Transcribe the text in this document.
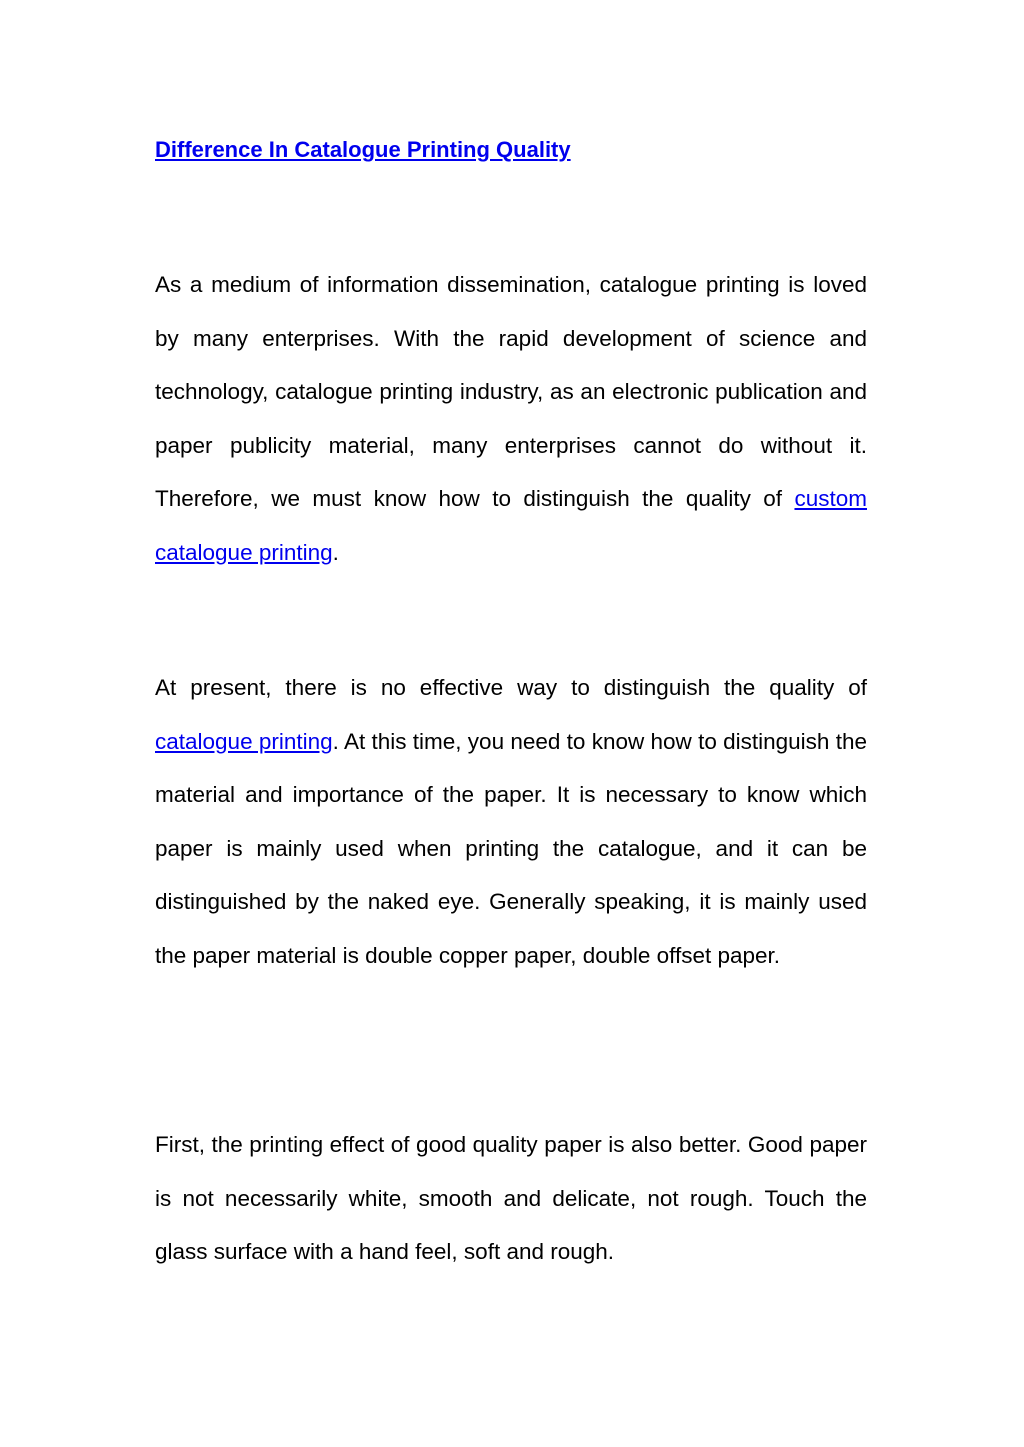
Difference In Catalogue Printing Quality

As a medium of information dissemination, catalogue printing is loved by many enterprises. With the rapid development of science and technology, catalogue printing industry, as an electronic publication and paper publicity material, many enterprises cannot do without it. Therefore, we must know how to distinguish the quality of custom catalogue printing.

At present, there is no effective way to distinguish the quality of catalogue printing. At this time, you need to know how to distinguish the material and importance of the paper. It is necessary to know which paper is mainly used when printing the catalogue, and it can be distinguished by the naked eye. Generally speaking, it is mainly used the paper material is double copper paper, double offset paper.

First, the printing effect of good quality paper is also better. Good paper is not necessarily white, smooth and delicate, not rough. Touch the glass surface with a hand feel, soft and rough.
